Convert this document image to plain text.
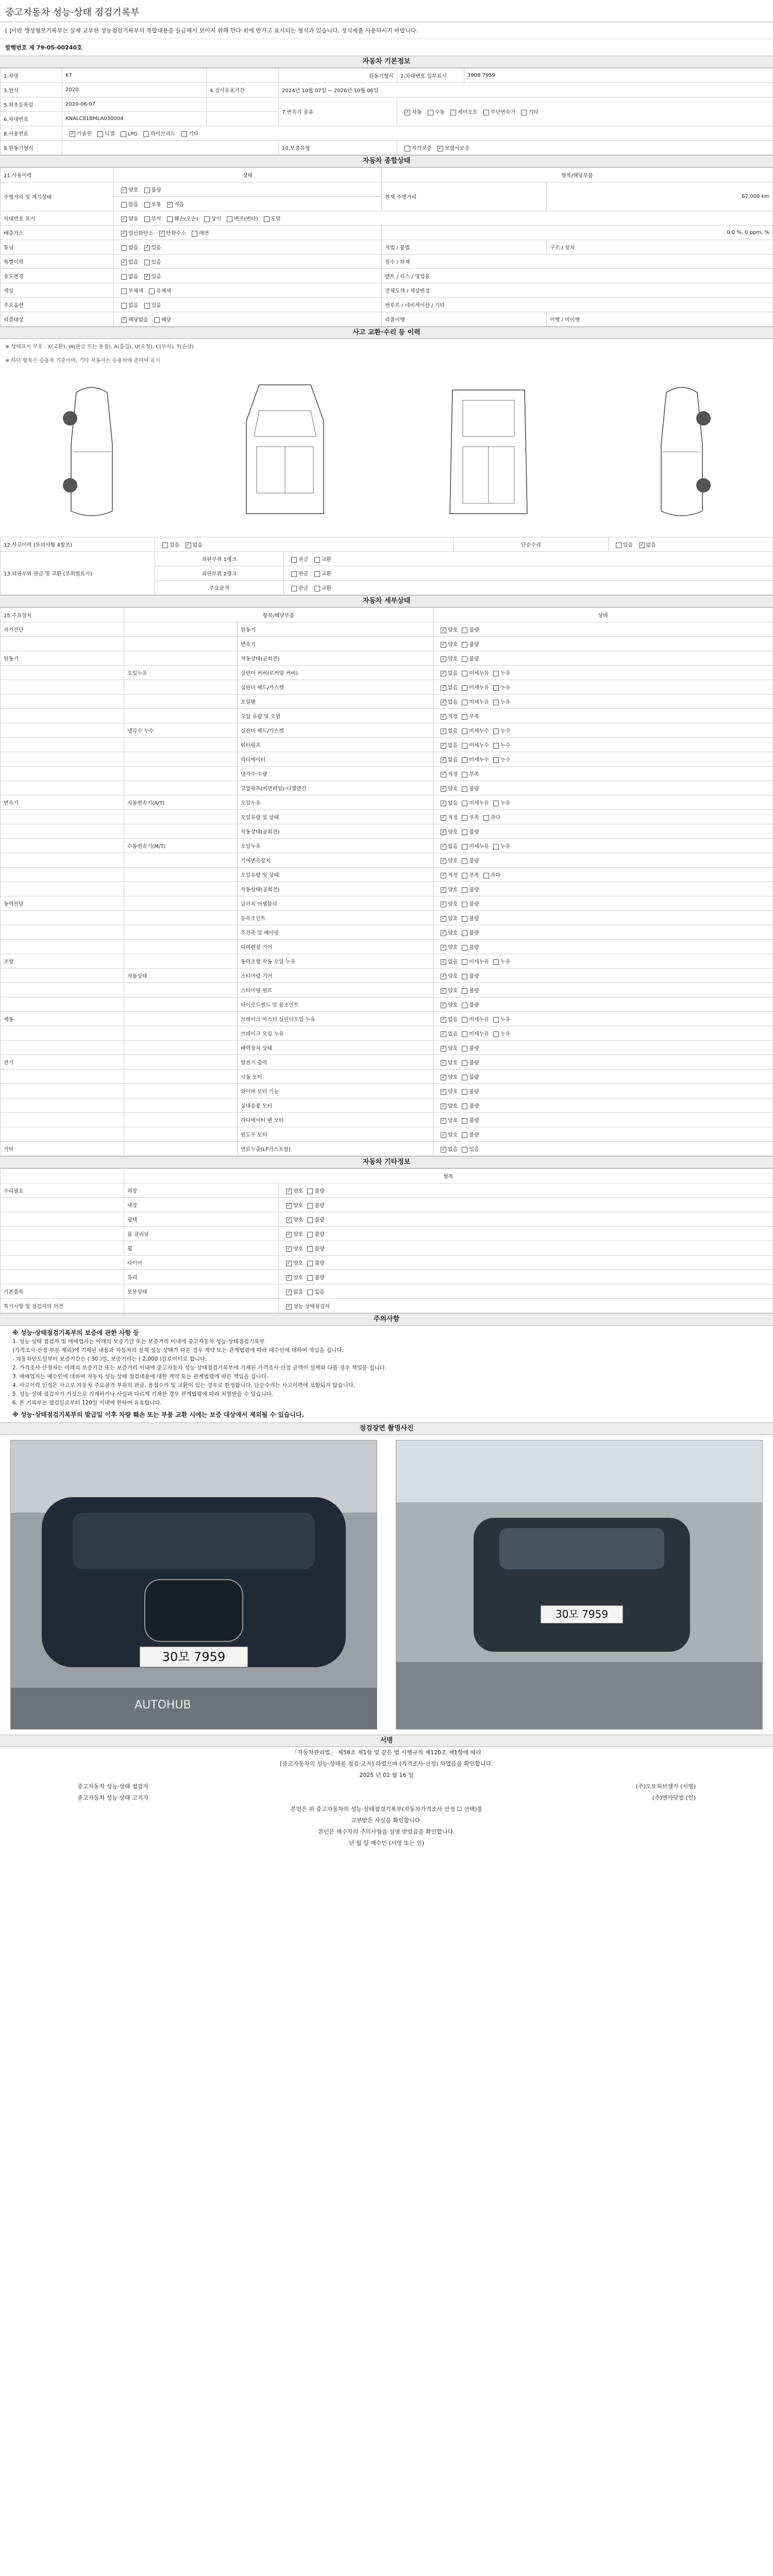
중고자동차 성능·상태 점검기록부
[ ]이란 생성형모기록부는 실제 교부한 성능점검기록부의 복합내용을 들금해서 보이지 위해 만다 위에 반가고 표시되는 형식과 있습니다. 정식제출 사용하시기 바랍니다.
발행번호 제 79-0S-00240호
자동차 기본정보
1.차명	K7		원동기형식	2.차대번호 일부표시	3908 7959
3.연식	2020	4.검사유효기간	2024년 10월 07일 ~ 2026년 10월 06일		
5.최초등록일	2020-06-07		7.변속기 종류	✓자동 수동 세미오토 무단변속기 기타
6.차대번호	KNALC81BMLA030004				
8.사용연료	✓가솔린 디젤 LPG 하이브리드 기타
9.원동기형식			10.보증유형	자가보증 ✓ 보험사보증
자동차 종합상태
11.사용이력	상태	항목/해당부품	
주행거리 및 계기상태	✓양호 불량	현재 주행거리	67,000 km
	많음 보통 ✓ 적음
차대번호 표기	✓양호 부식 훼손(오손) 상이 변조(변타) 도말
배출가스	✓일산화탄소 ✓ 탄화수소 매연	0.0 %, 0 ppm, %	
튜닝	없음 ✓ 있음	적법 / 불법	구조 / 장치
특별이력	✓없음 있음	침수 / 화재	
용도변경	없음 ✓ 있음	렌트 / 리스 / 영업용	
색상	무채색 유채색	전체도색 / 색상변경	
주요옵션	없음 있음	썬루프 / 네비게이션 / 기타	
리콜대상	✓해당없음 해당	리콜이행	이행 / 미이행
사고 교환·수리 등 이력
※ 상태표시 부호 : X(교환), W(판금 또는 용접), A(흠집), U(요철), C(부식), T(손상)
※ 하단 항목은 승용차 기준이며, 기타 자동차는 승용차에 준하여 표시
12.사고이력 (유의사항 4참조)	있음 ✓ 없음		단순수리	있음 ✓ 없음
13.외판부위 판금 및 교환 (부위별표시)	외판부위 1랭크	판금 교환		
	외판부위 2랭크	판금 교환		
	주요골격	판금 교환		
자동차 세부상태
15.주요장치	항목/해당부품		상태
자기진단		원동기	✓양호 불량
		변속기	✓양호 불량
원동기		작동상태(공회전)	✓양호 불량
	오일누유	실린더 커버(로커암 커버)	✓없음 미세누유 누유
		실린더 헤드/가스켓	✓없음 미세누유 누유
		오일팬	✓없음 미세누유 누유
		오일 유량 및 오염	✓적정 부족
	냉각수 누수	실린더 헤드/가스켓	✓없음 미세누수 누수
		워터펌프	✓없음 미세누수 누수
		라디에이터	✓없음 미세누수 누수
		냉각수 수량	✓적정 부족
		고압펌프(커먼레일)-디젤엔진	✓양호 불량
변속기	자동변속기(A/T)	오일누유	✓없음 미세누유 누유
		오일유량 및 상태	✓적정 부족 과다
		작동상태(공회전)	✓양호 불량
	수동변속기(M/T)	오일누유	✓없음 미세누유 누유
		기어변속장치	✓양호 불량
		오일유량 및 상태	✓적정 부족 과다
		작동상태(공회전)	✓양호 불량
동력전달		클러치 어셈블리	✓양호 불량
		등속조인트	✓양호 불량
		추진축 및 베어링	✓양호 불량
		디퍼렌셜 기어	✓양호 불량
조향		동력조향 작동 오일 누유	✓없음 미세누유 누유
	작동상태	스티어링 기어	✓양호 불량
		스티어링 펌프	✓양호 불량
		타이로드엔드 및 볼조인트	✓양호 불량
제동		브레이크 마스터 실린더오일 누유	✓없음 미세누유 누유
		브레이크 오일 누유	✓없음 미세누유 누유
		배력장치 상태	✓양호 불량
전기		발전기 출력	✓양호 불량
		시동 모터	✓양호 불량
		와이퍼 모터 기능	✓양호 불량
		실내송풍 모터	✓양호 불량
		라디에이터 팬 모터	✓양호 불량
		윈도우 모터	✓양호 불량
기타		연료누출(LP가스포함)	✓없음 있음
자동차 기타정보
	항목	
수리필요	외장	✓양호 불량
	내장	✓양호 불량
	광택	✓양호 불량
	룸 클리닝	✓양호 불량
	휠	✓양호 불량
	타이어	✓양호 불량
	유리	✓양호 불량
기본품목	보유상태	✓없음 있음
특기사항 및 점검자의 의견		✓성능·상태점검자
주의사항
※ 성능·상태점검기록부의 보증에 관한 사항 등
1. 성능·상태 점검자 및 매매업자는 아래의 보증기간 또는 보증거리 이내에 중고자동차 성능·상태점검기록부
(가격조사·산정 부분 제외)에 기재된 내용과 자동차의 실제 성능·상태가 다른 경우 계약 또는 관계법령에 따라 매수인에 대하여 책임을 집니다.
- 자동차인도일부터 보증기간은 ( 30 )일, 보증거리는 ( 2,000 )킬로미터로 합니다.
2. 가격조사·산정자는 아래의 보증기간 또는 보증거리 이내에 중고자동차 성능·상태점검기록부에 기재된 가격조사·산정 금액이 실제와 다를 경우 책임을 집니다.
3. 매매업자는 매수인에 대하여 자동차 성능·상태 점검내용에 대한 계약 또는 관계법령에 따른 책임을 집니다.
4. 사고이력 인정은 사고로 자동차 주요골격 부위의 판금, 용접수리 및 교환이 있는 경우로 한정합니다. 단순수리는 사고이력에 포함되지 않습니다.
5. 성능·상태 점검자가 거짓으로 기재하거나 사실과 다르게 기재한 경우 관계법령에 따라 처벌받을 수 있습니다.
6. 본 기록부는 점검일로부터 120일 이내에 한하여 유효합니다.
※ 성능·상태점검기록부의 발급일 이후 차량 훼손 또는 부품 교환 시에는 보증 대상에서 제외될 수 있습니다.
점검장면 촬영사진
30모 7959
AUTOHUB
30모 7959
서명
「자동차관리법」 제58조 제1항 및 같은 법 시행규칙 제120조 제1항에 따라
[중고자동차의 성능·상태를 점검·고지] 하였으며 (가격조사·산정) 하였음을 확인합니다.
2025 년 02 월 16 일
중고자동차 성능·상태 점검자	(주)오토허브셀카 (서명)
중고자동차 성능·상태 고지자	(주)엔카닷컴 (인)
본인은 위 중고자동차의 성능·상태점검기록부(자동차가격조사 산정 ☐ 선택)를
교부받은 사실을 확인합니다.
본인은 매수자의 주의사항을 설명 받았음을 확인합니다.
년 월 일 매수인 (서명 또는 인)
